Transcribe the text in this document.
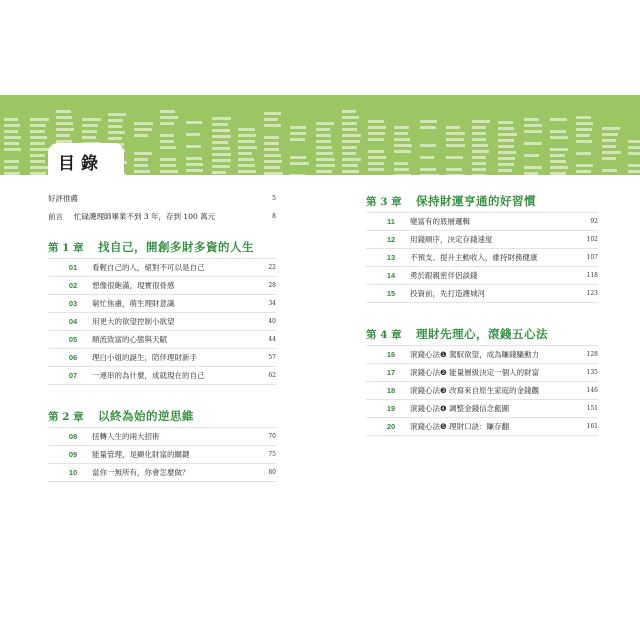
目錄
好評推薦	5
前言 忙碌護理師畢業不到 3 年，存到 100 萬元	8
第 1 章 找自己，開創多財多資的人生
01	看輕自己的人，絕對不可以是自己	22
02	想像很飽滿，現實很骨感	28
03	窮忙焦慮，萌生理財意識	34
04	用更大的欲望控制小欲望	40
05	順流致富的心態與天賦	44
06	理白小姐的誕生，陪伴理財新手	57
07	一連串的為什麼，成就現在的自己	62
第 2 章 以終為始的逆思維
08	扭轉人生的兩大招術	70
09	能量管理，是顯化財富的關鍵	75
10	當你一無所有，你會怎麼做？	80
第 3 章 保持財運亨通的好習慣
11	變富有的底層邏輯	92
12	用錢順序，決定存錢速度	102
13	不預支、提升主動收入，維持財務健康	107
14	勇於跟親密伴侶談錢	118
15	投資前，先打造護城河	123
第 4 章 理財先理心，滾錢五心法
16	滾錢心法❶ 駕馭欲望，成為賺錢驅動力	128
17	滾錢心法❷ 能量層級決定一個人的財富	135
18	滾錢心法❸ 改寫來自原生家庭的金錢觀	146
19	滾錢心法❹ 調整金錢信念藍圖	151
20	滾錢心法❺ 理財口訣：賺存翻	161
